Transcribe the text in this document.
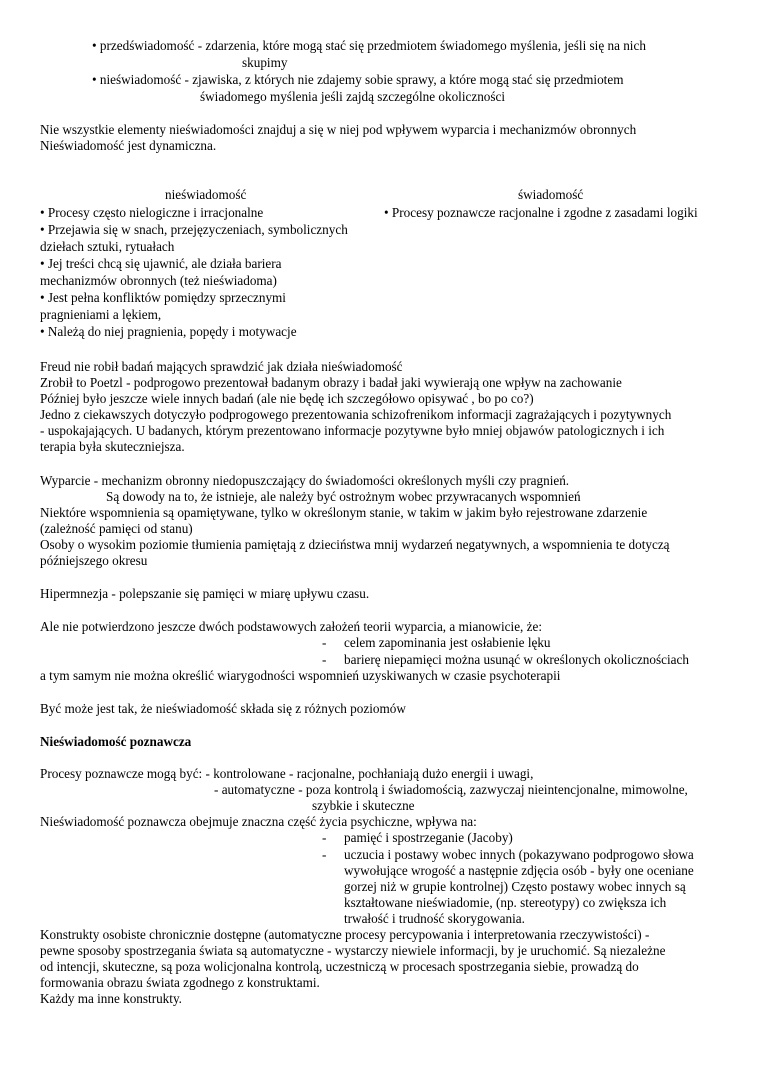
• przedświadomość - zdarzenia, które mogą stać się przedmiotem świadomego myślenia, jeśli się na nich
skupimy
• nieświadomość - zjawiska, z których nie zdajemy sobie sprawy, a które mogą stać się przedmiotem
świadomego myślenia jeśli zajdą szczególne okoliczności
Nie wszystkie elementy nieświadomości znajduj a się w niej pod wpływem wyparcia i mechanizmów obronnych
Nieświadomość jest dynamiczna.
nieświadomość	świadomość
• Procesy często nielogiczne i irracjonalne
• Przejawia się w snach, przejęzyczeniach, symbolicznych
dziełach sztuki, rytuałach
• Jej treści chcą się ujawnić, ale działa bariera
mechanizmów obronnych (też nieświadoma)
• Jest pełna konfliktów pomiędzy sprzecznymi
pragnieniami a lękiem,
• Należą do niej pragnienia, popędy i motywacje
• Procesy poznawcze racjonalne i zgodne z zasadami logiki
Freud nie robił badań mających sprawdzić jak działa nieświadomość
Zrobił to Poetzl - podprogowo prezentował badanym obrazy i badał jaki wywierają one wpływ na zachowanie
Później było jeszcze wiele innych badań (ale nie będę ich szczegółowo opisywać , bo po co?)
Jedno z ciekawszych dotyczyło podprogowego prezentowania schizofrenikom informacji zagrażających i pozytywnych
- uspokajających. U badanych, którym prezentowano informacje pozytywne było mniej objawów patologicznych i ich
terapia była skuteczniejsza.
Wyparcie - mechanizm obronny niedopuszczający do świadomości określonych myśli czy pragnień.
Są dowody na to, że istnieje, ale należy być ostrożnym wobec przywracanych wspomnień
Niektóre wspomnienia są opamiętywane, tylko w określonym stanie, w takim w jakim było rejestrowane zdarzenie
(zależność pamięci od stanu)
Osoby o wysokim poziomie tłumienia pamiętają z dzieciństwa mnij wydarzeń negatywnych, a wspomnienia te dotyczą
późniejszego okresu
Hipermnezja - polepszanie się pamięci w miarę upływu czasu.
Ale nie potwierdzono jeszcze dwóch podstawowych założeń teorii wyparcia, a mianowicie, że:
- celem zapominania jest osłabienie lęku
- barierę niepamięci można usunąć w określonych okolicznościach
a tym samym nie można określić wiarygodności wspomnień uzyskiwanych w czasie psychoterapii
Być może jest tak, że nieświadomość składa się z różnych poziomów
Nieświadomość poznawcza
Procesy poznawcze mogą być: - kontrolowane - racjonalne, pochłaniają dużo energii i uwagi,
- automatyczne - poza kontrolą i świadomością, zazwyczaj nieintencjonalne, mimowolne,
szybkie i skuteczne
Nieświadomość poznawcza obejmuje znaczna część życia psychiczne, wpływa na:
- pamięć i spostrzeganie (Jacoby)
- uczucia i postawy wobec innych (pokazywano podprogowo słowa
wywołujące wrogość a następnie zdjęcia osób - były one oceniane
gorzej niż w grupie kontrolnej) Często postawy wobec innych są
kształtowane nieświadomie, (np. stereotypy) co zwiększa ich
trwałość i trudność skorygowania.
Konstrukty osobiste chronicznie dostępne (automatyczne procesy percypowania i interpretowania rzeczywistości) -
pewne sposoby spostrzegania świata są automatyczne - wystarczy niewiele informacji, by je uruchomić. Są niezależne
od intencji, skuteczne, są poza wolicjonalna kontrolą, uczestniczą w procesach spostrzegania siebie, prowadzą do
formowania obrazu świata zgodnego z konstruktami.
Każdy ma inne konstrukty.
